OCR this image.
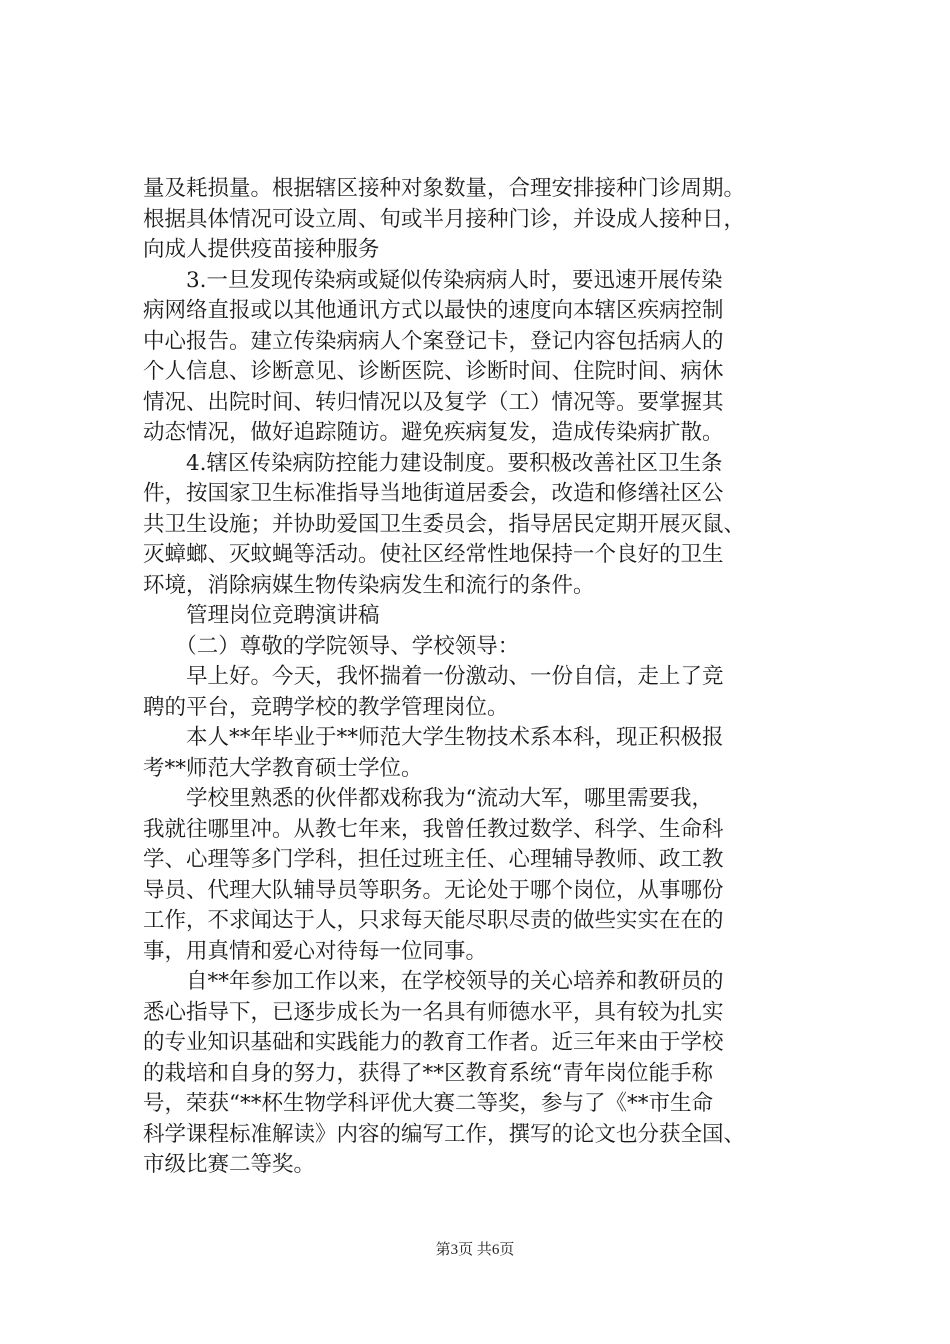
量及耗损量。根据辖区接种对象数量，合理安排接种门诊周期。
根据具体情况可设立周、旬或半月接种门诊，并设成人接种日，
向成人提供疫苗接种服务
　　3.一旦发现传染病或疑似传染病病人时，要迅速开展传染
病网络直报或以其他通讯方式以最快的速度向本辖区疾病控制
中心报告。建立传染病病人个案登记卡，登记内容包括病人的
个人信息、诊断意见、诊断医院、诊断时间、住院时间、病休
情况、出院时间、转归情况以及复学（工）情况等。要掌握其
动态情况，做好追踪随访。避免疾病复发，造成传染病扩散。
　　4.辖区传染病防控能力建设制度。要积极改善社区卫生条
件，按国家卫生标准指导当地街道居委会，改造和修缮社区公
共卫生设施；并协助爱国卫生委员会，指导居民定期开展灭鼠、
灭蟑螂、灭蚊蝇等活动。使社区经常性地保持一个良好的卫生
环境，消除病媒生物传染病发生和流行的条件。
　　管理岗位竞聘演讲稿
　　（二）尊敬的学院领导、学校领导：
　　早上好。今天，我怀揣着一份激动、一份自信，走上了竞
聘的平台，竞聘学校的教学管理岗位。
　　本人**年毕业于**师范大学生物技术系本科，现正积极报
考**师范大学教育硕士学位。
　　学校里熟悉的伙伴都戏称我为“流动大军，哪里需要我，
我就往哪里冲。从教七年来，我曾任教过数学、科学、生命科
学、心理等多门学科，担任过班主任、心理辅导教师、政工教
导员、代理大队辅导员等职务。无论处于哪个岗位，从事哪份
工作，不求闻达于人，只求每天能尽职尽责的做些实实在在的
事，用真情和爱心对待每一位同事。
　　自**年参加工作以来，在学校领导的关心培养和教研员的
悉心指导下，已逐步成长为一名具有师德水平，具有较为扎实
的专业知识基础和实践能力的教育工作者。近三年来由于学校
的栽培和自身的努力，获得了**区教育系统“青年岗位能手称
号，荣获“**杯生物学科评优大赛二等奖，参与了《**市生命
科学课程标准解读》内容的编写工作，撰写的论文也分获全国、
市级比赛二等奖。
第3页 共6页
